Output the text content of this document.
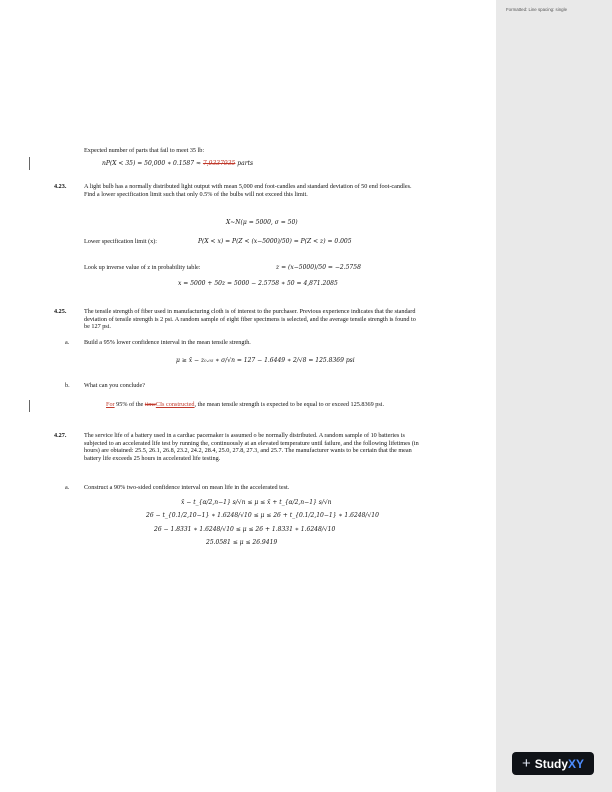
Formatted: Line spacing: single
Expected number of parts that fail to meet 35 lb:
nP(X < 35) = 50,000 ∗ 0.1587 ≈ 7,9337935 parts
4.23.	A light bulb has a normally distributed light output with mean 5,000 end foot-candles and standard deviation of 50 end foot-candles. Find a lower specification limit such that only 0.5% of the bulbs will not exceed this limit.
X~N(μ = 5000, σ = 50)
Lower specification limit (x):	P(X < x) = P(Z < (x−5000)/50) = P(Z < z) = 0.005
Look up inverse value of z in probability table:	z = (x−5000)/50 = −2.5758
x = 5000 + 50z = 5000 − 2.5758 ∗ 50 = 4,871.2085
4.25.	The tensile strength of fiber used in manufacturing cloth is of interest to the purchaser. Previous experience indicates that the standard deviation of tensile strength is 2 psi. A random sample of eight fiber specimens is selected, and the average tensile strength is found to be 127 psi.
a. Build a 95% lower confidence interval in the mean tensile strength.
μ ≥ x̄ − z₀.₀₅ ∗ σ/√n = 127 − 1.6449 ∗ 2/√8 = 125.8369 psi
b. What can you conclude?
For 95% of the timeCIs constructed, the mean tensile strength is expected to be equal to or exceed 125.8369 psi.
4.27.	The service life of a battery used in a cardiac pacemaker is assumed o be normally distributed. A random sample of 10 batteries is subjected to an accelerated life test by running the, continuously at an elevated temperature until failure, and the following lifetimes (in hours) are obtained: 25.5, 26.1, 26.8, 23.2, 24.2, 28.4, 25.0, 27.8, 27.3, and 25.7. The manufacturer wants to be certain that the mean battery life exceeds 25 hours in accelerated life testing.
a. Construct a 90% two-sided confidence interval on mean life in the accelerated test.
x̄ − t_{α/2,n−1} s/√n ≤ μ ≤ x̄ + t_{α/2,n−1} s/√n
26 − t_{0.1/2,10−1} ∗ 1.6248/√10 ≤ μ ≤ 26 + t_{0.1/2,10−1} ∗ 1.6248/√10
26 − 1.8331 ∗ 1.6248/√10 ≤ μ ≤ 26 + 1.8331 ∗ 1.6248/√10
25.0581 ≤ μ ≤ 26.9419
+ StudyXY
